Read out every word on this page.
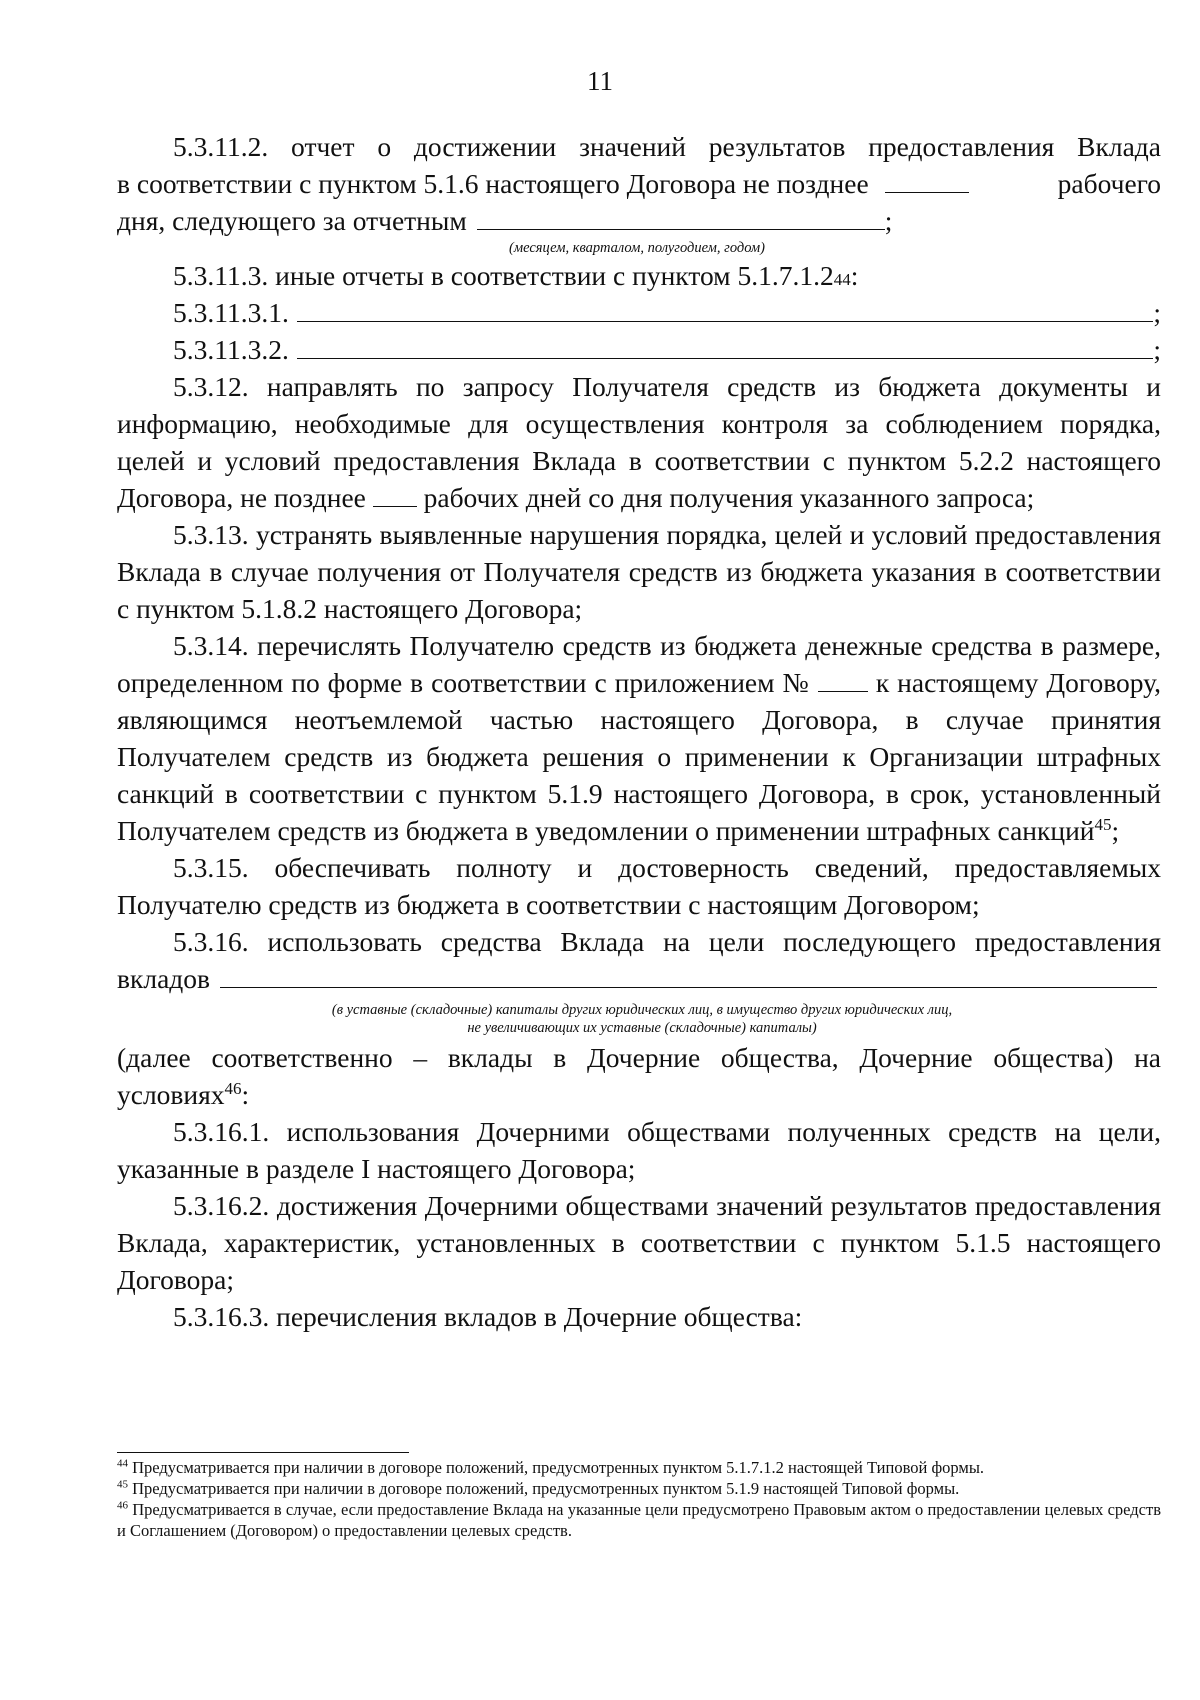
11

5.3.11.2. отчет о достижении значений результатов предоставления Вклада

в соответствии с пунктом 5.1.6 настоящего Договора не позднее	рабочего
дня, следующего за отчетным	;

(месяцем, кварталом, полугодием, годом)

5.3.11.3. иные отчеты в соответствии с пунктом 5.1.7.1.2 44 :
5.3.11.3.1.	;
5.3.11.3.2.	;

5.3.12. направлять по запросу Получателя средств из бюджета документы и информацию, необходимые для осуществления контроля за соблюдением порядка, целей и условий предоставления Вклада в соответствии с пунктом 5.2.2 настоящего Договора, не позднее рабочих дней со дня получения указанного запроса;

5.3.13. устранять выявленные нарушения порядка, целей и условий предоставления Вклада в случае получения от Получателя средств из бюджета указания в соответствии с пунктом 5.1.8.2 настоящего Договора;

5.3.14. перечислять Получателю средств из бюджета денежные средства в размере, определенном по форме в соответствии с приложением № к настоящему Договору, являющимся неотъемлемой частью настоящего Договора, в случае принятия Получателем средств из бюджета решения о применении к Организации штрафных санкций в соответствии с пунктом 5.1.9 настоящего Договора, в срок, установленный Получателем средств из бюджета в уведомлении о применении штрафных санкций$^{45}$;

5.3.15. обеспечивать полноту и достоверность сведений, предоставляемых Получателю средств из бюджета в соответствии с настоящим Договором;

5.3.16. использовать средства Вклада на цели последующего предоставления

вкладов

(в уставные (складочные) капиталы других юридических лиц, в имущество других юридических лиц,

не увеличивающих их уставные (складочные) капиталы)

(далее соответственно – вклады в Дочерние общества, Дочерние общества) на условиях$^{46}$:

5.3.16.1. использования Дочерними обществами полученных средств на цели, указанные в разделе I настоящего Договора;

5.3.16.2. достижения Дочерними обществами значений результатов предоставления Вклада, характеристик, установленных в соответствии с пунктом 5.1.5 настоящего Договора;

5.3.16.3. перечисления вкладов в Дочерние общества:

$^{44}$ Предусматривается при наличии в договоре положений, предусмотренных пунктом 5.1.7.1.2 настоящей Типовой формы.

$^{45}$ Предусматривается при наличии в договоре положений, предусмотренных пунктом 5.1.9 настоящей Типовой формы.

$^{46}$ Предусматривается в случае, если предоставление Вклада на указанные цели предусмотрено Правовым актом о предоставлении целевых средств и Соглашением (Договором) о предоставлении целевых средств.
